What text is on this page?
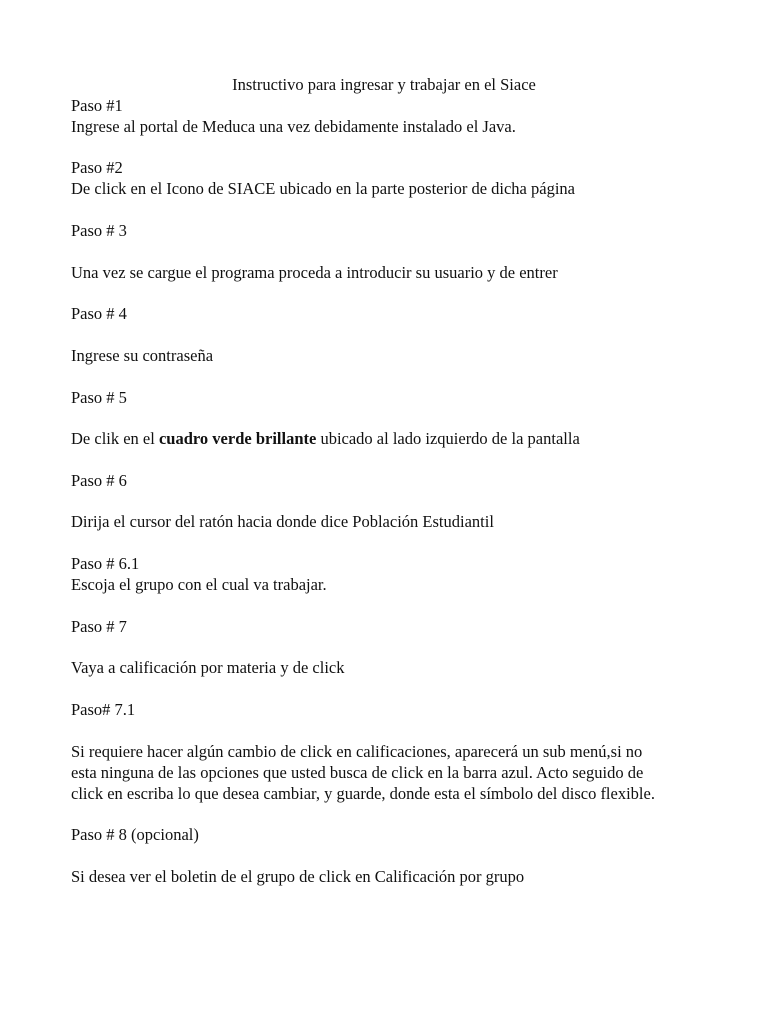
Instructivo para ingresar y trabajar en el Siace
Paso #1
Ingrese al portal de Meduca una vez debidamente instalado el Java.
Paso #2
De click en el Icono de SIACE ubicado en la parte posterior de dicha página
Paso # 3
Una vez se cargue el programa proceda a introducir su usuario y de entrer
Paso # 4
Ingrese su contraseña
Paso # 5
De clik en el cuadro verde brillante ubicado al lado izquierdo de la pantalla
Paso # 6
Dirija el cursor del ratón hacia donde dice Población Estudiantil
Paso # 6.1
Escoja el grupo con el cual va trabajar.
Paso # 7
Vaya a calificación por materia y de click
Paso# 7.1
Si requiere hacer algún cambio de click en calificaciones, aparecerá un sub menú,si no
esta ninguna de las opciones que usted busca de click en la barra azul. Acto seguido de
click en escriba lo que desea cambiar, y guarde, donde esta el símbolo del disco flexible.
Paso # 8 (opcional)
Si desea ver el boletin de el grupo de click en Calificación por grupo
